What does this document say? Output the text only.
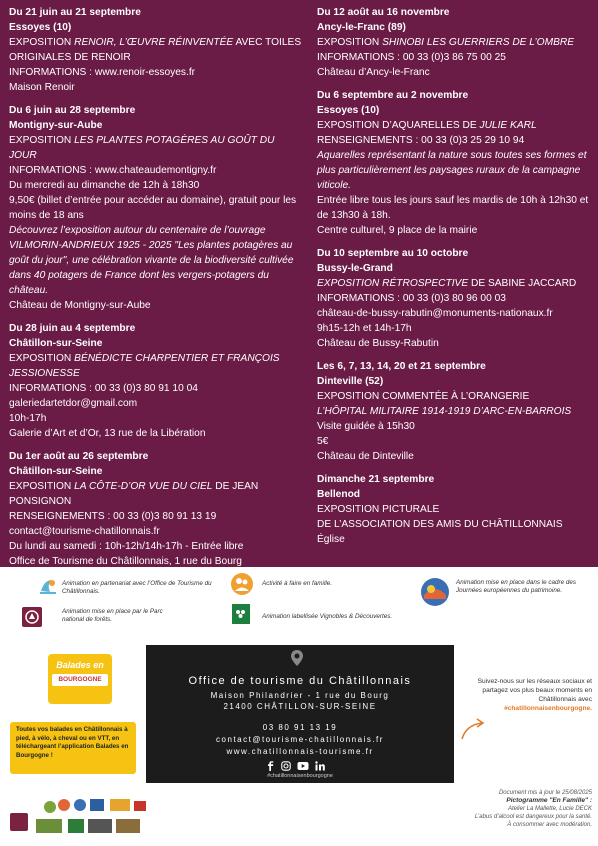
Du 21 juin au 21 septembre
Essoyes (10)
EXPOSITION RENOIR, L’ŒUVRE RÉINVENTÉE AVEC TOILES ORIGINALES DE RENOIR
INFORMATIONS : www.renoir-essoyes.fr
Maison Renoir
Du 6 juin au 28 septembre
Montigny-sur-Aube
EXPOSITION LES PLANTES POTAGÈRES AU GOÛT DU JOUR
INFORMATIONS : www.chateaudemontigny.fr
Du mercredi au dimanche de 12h à 18h30
9,50€ (billet d’entrée pour accéder au domaine), gratuit pour les moins de 18 ans
Découvrez l’exposition autour du centenaire de l’ouvrage VILMORIN-ANDRIEUX 1925 - 2025 "Les plantes potagères au goût du jour", une célébration vivante de la biodiversité cultivée dans 40 potagers de France dont les vergers-potagers du château.
Château de Montigny-sur-Aube
Du 28 juin au 4 septembre
Châtillon-sur-Seine
EXPOSITION BÉNÉDICTE CHARPENTIER ET FRANÇOIS JESSIONESSE
INFORMATIONS : 00 33 (0)3 80 91 10 04
galeriedartetdor@gmail.com
10h-17h
Galerie d’Art et d’Or, 13 rue de la Libération
Du 1er août au 26 septembre
Châtillon-sur-Seine
EXPOSITION LA CÔTE-D’OR VUE DU CIEL DE JEAN PONSIGNON
RENSEIGNEMENTS : 00 33 (0)3 80 91 13 19
contact@tourisme-chatillonnais.fr
Du lundi au samedi : 10h-12h/14h-17h - Entrée libre
Office de Tourisme du Châtillonnais, 1 rue du Bourg
Du 12 août au 16 novembre
Ancy-le-Franc (89)
EXPOSITION SHINOBI LES GUERRIERS DE L’OMBRE
INFORMATIONS : 00 33 (0)3 86 75 00 25
Château d’Ancy-le-Franc
Du 6 septembre au 2 novembre
Essoyes (10)
EXPOSITION D’AQUARELLES DE JULIE KARL
RENSEIGNEMENTS : 00 33 (0)3 25 29 10 94
Aquarelles représentant la nature sous toutes ses formes et plus particulièrement les paysages ruraux de la campagne viticole.
Entrée libre tous les jours sauf les mardis de 10h à 12h30 et de 13h30 à 18h.
Centre culturel, 9 place de la mairie
Du 10 septembre au 10 octobre
Bussy-le-Grand
EXPOSITION RÉTROSPECTIVE DE SABINE JACCARD
INFORMATIONS : 00 33 (0)3 80 96 00 03
château-de-bussy-rabutin@monuments-nationaux.fr
9h15-12h et 14h-17h
Château de Bussy-Rabutin
Les 6, 7, 13, 14, 20 et 21 septembre
Dinteville (52)
EXPOSITION COMMENTÉE À L’ORANGERIE
L’HÔPITAL MILITAIRE 1914-1919 D’ARC-EN-BARROIS
Visite guidée à 15h30
5€
Château de Dinteville
Dimanche 21 septembre
Bellenod
EXPOSITION PICTURALE
DE L’ASSOCIATION DES AMIS DU CHÂTILLONNAIS
Église
Animation en partenariat avec l’Office de Tourisme du Châtillonnais.
Animation mise en place par le Parc national de forêts.
Activité à faire en famille.
Animation labellisée Vignobles & Découvertes.
Animation mise en place dans le cadre des Journées européennes du patrimoine.
Balades en
BOURGOGNE
Toutes vos balades en Châtillonnais à pied, à vélo, à cheval ou en VTT, en téléchargeant l’application Balades en Bourgogne !
Office de tourisme du Châtillonnais
Maison Philandrier - 1 rue du Bourg
21400 CHÂTILLON-SUR-SEINE
03 80 91 13 19
contact@tourisme-chatillonnais.fr
www.chatillonnais-tourisme.fr
#chatillonnaisenbourgogne
Suivez-nous sur les réseaux sociaux et partagez vos plus beaux moments en Châtillonnais avec #chatillonnaisenbourgogne.
Document mis à jour le 25/08/2025
Pictogramme "En Famille" :
Atelier La Mallette, Lucie DECK
L’abus d’alcool est dangereux pour la santé.
À consommer avec modération.
